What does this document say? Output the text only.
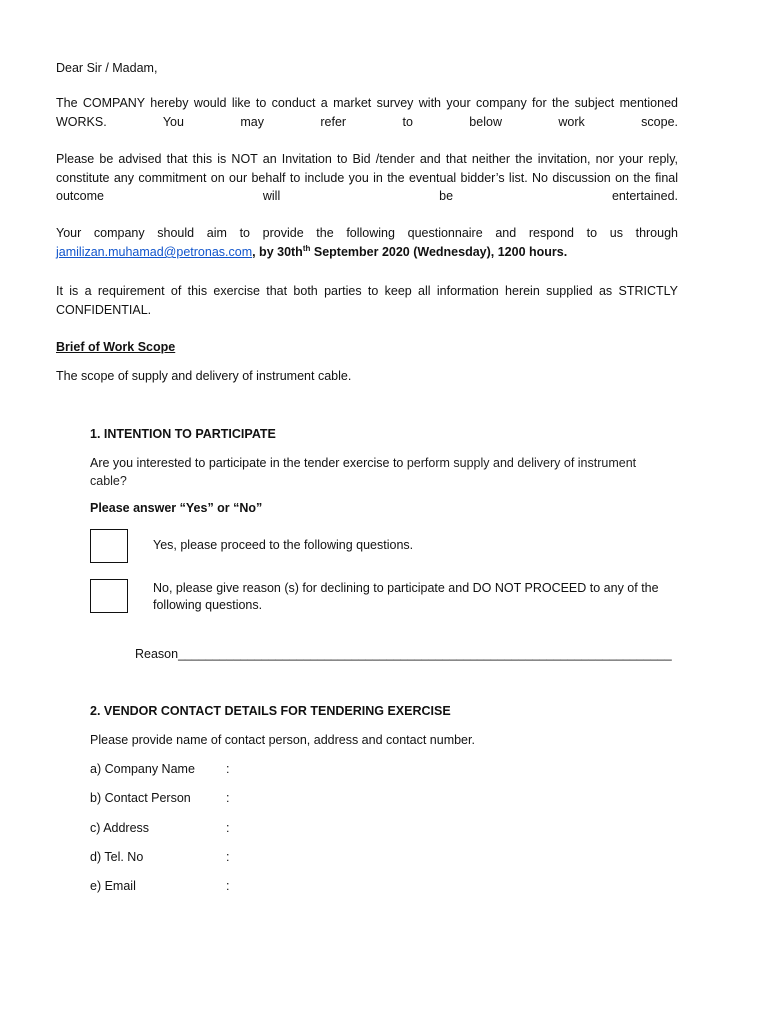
Dear Sir / Madam,

The COMPANY hereby would like to conduct a market survey with your company for the subject mentioned WORKS. You may refer to below work scope.

Please be advised that this is NOT an Invitation to Bid /tender and that neither the invitation, nor your reply, constitute any commitment on our behalf to include you in the eventual bidder’s list. No discussion on the final outcome will be entertained.

Your company should aim to provide the following questionnaire and respond to us through

jamilizan.muhamad@petronas.com, by $30th^{th}$ September 2020 (Wednesday), 1200 hours.

It is a requirement of this exercise that both parties to keep all information herein supplied as STRICTLY CONFIDENTIAL.

Brief of Work Scope

The scope of supply and delivery of instrument cable.

1. INTENTION TO PARTICIPATE

Are you interested to participate in the tender exercise to perform supply and delivery of instrument cable?

Please answer “Yes” or “No”

Yes, please proceed to the following questions.
No, please give reason (s) for declining to participate and DO NOT PROCEED to any of the following questions.
Reason_______________________________________________________________________

2. VENDOR CONTACT DETAILS FOR TENDERING EXERCISE

Please provide name of contact person, address and contact number.

a) Company Name :
b) Contact Person	:
c) Address	:
d) Tel. No	:
e) Email	:
